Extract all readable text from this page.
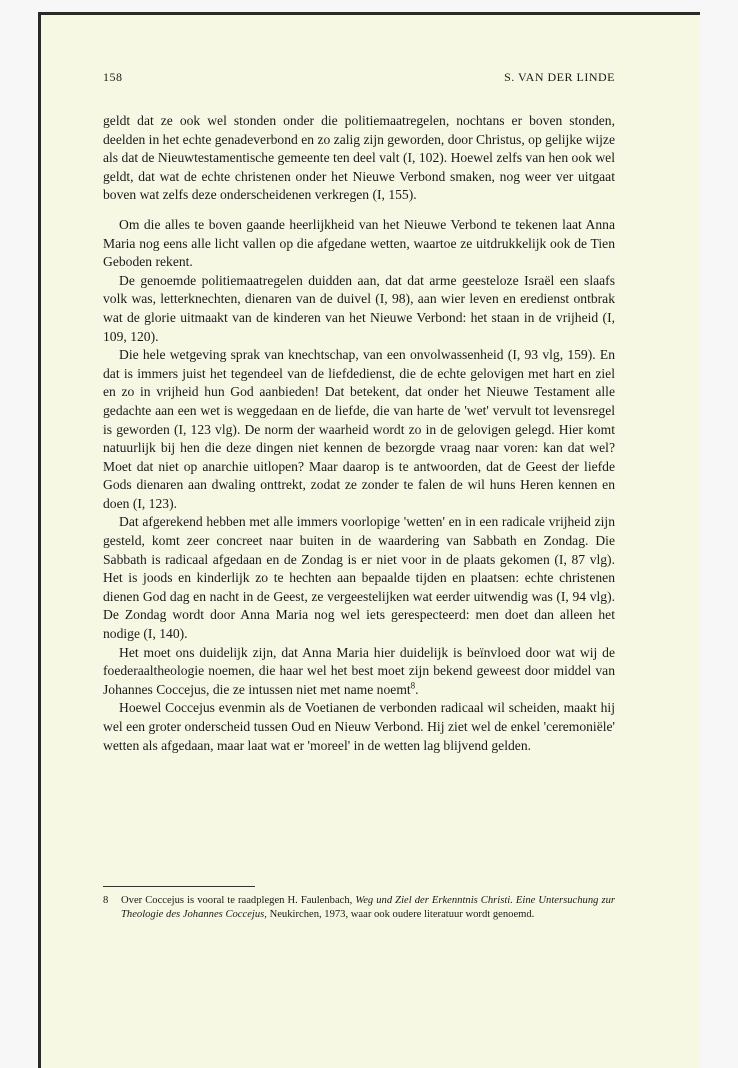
158	S. VAN DER LINDE

geldt dat ze ook wel stonden onder die politiemaatregelen, nochtans er boven stonden, deelden in het echte genadeverbond en zo zalig zijn geworden, door Christus, op gelijke wijze als dat de Nieuwtestamentische gemeente ten deel valt (I, 102). Hoewel zelfs van hen ook wel geldt, dat wat de echte christenen onder het Nieuwe Verbond smaken, nog weer ver uitgaat boven wat zelfs deze onderscheidenen verkregen (I, 155).

Om die alles te boven gaande heerlijkheid van het Nieuwe Verbond te tekenen laat Anna Maria nog eens alle licht vallen op die afgedane wetten, waartoe ze uitdrukkelijk ook de Tien Geboden rekent.

De genoemde politiemaatregelen duidden aan, dat dat arme geesteloze Israël een slaafs volk was, letterknechten, dienaren van de duivel (I, 98), aan wier leven en eredienst ontbrak wat de glorie uitmaakt van de kinderen van het Nieuwe Verbond: het staan in de vrijheid (I, 109, 120).

Die hele wetgeving sprak van knechtschap, van een onvolwassenheid (I, 93 vlg, 159). En dat is immers juist het tegendeel van de liefdedienst, die de echte gelovigen met hart en ziel en zo in vrijheid hun God aanbieden! Dat betekent, dat onder het Nieuwe Testament alle gedachte aan een wet is weggedaan en de liefde, die van harte de 'wet' vervult tot levensregel is geworden (I, 123 vlg). De norm der waarheid wordt zo in de gelovigen gelegd. Hier komt natuurlijk bij hen die deze dingen niet kennen de bezorgde vraag naar voren: kan dat wel? Moet dat niet op anarchie uitlopen? Maar daarop is te antwoorden, dat de Geest der liefde Gods dienaren aan dwaling onttrekt, zodat ze zonder te falen de wil huns Heren kennen en doen (I, 123).

Dat afgerekend hebben met alle immers voorlopige 'wetten' en in een radicale vrijheid zijn gesteld, komt zeer concreet naar buiten in de waardering van Sabbath en Zondag. Die Sabbath is radicaal afgedaan en de Zondag is er niet voor in de plaats gekomen (I, 87 vlg). Het is joods en kinderlijk zo te hechten aan bepaalde tijden en plaatsen: echte christenen dienen God dag en nacht in de Geest, ze vergeestelijken wat eerder uitwendig was (I, 94 vlg). De Zondag wordt door Anna Maria nog wel iets gerespecteerd: men doet dan alleen het nodige (I, 140).

Het moet ons duidelijk zijn, dat Anna Maria hier duidelijk is beïnvloed door wat wij de foederaaltheologie noemen, die haar wel het best moet zijn bekend geweest door middel van Johannes Coccejus, die ze intussen niet met name noemt$^8$.

Hoewel Coccejus evenmin als de Voetianen de verbonden radicaal wil scheiden, maakt hij wel een groter onderscheid tussen Oud en Nieuw Verbond. Hij ziet wel de enkel 'ceremoniële' wetten als afgedaan, maar laat wat er 'moreel' in de wetten lag blijvend gelden.

8 Over Coccejus is vooral te raadplegen H. Faulenbach, Weg und Ziel der Erkenntnis Christi. Eine Untersuchung zur Theologie des Johannes Coccejus, Neukirchen, 1973, waar ook oudere literatuur wordt genoemd.
